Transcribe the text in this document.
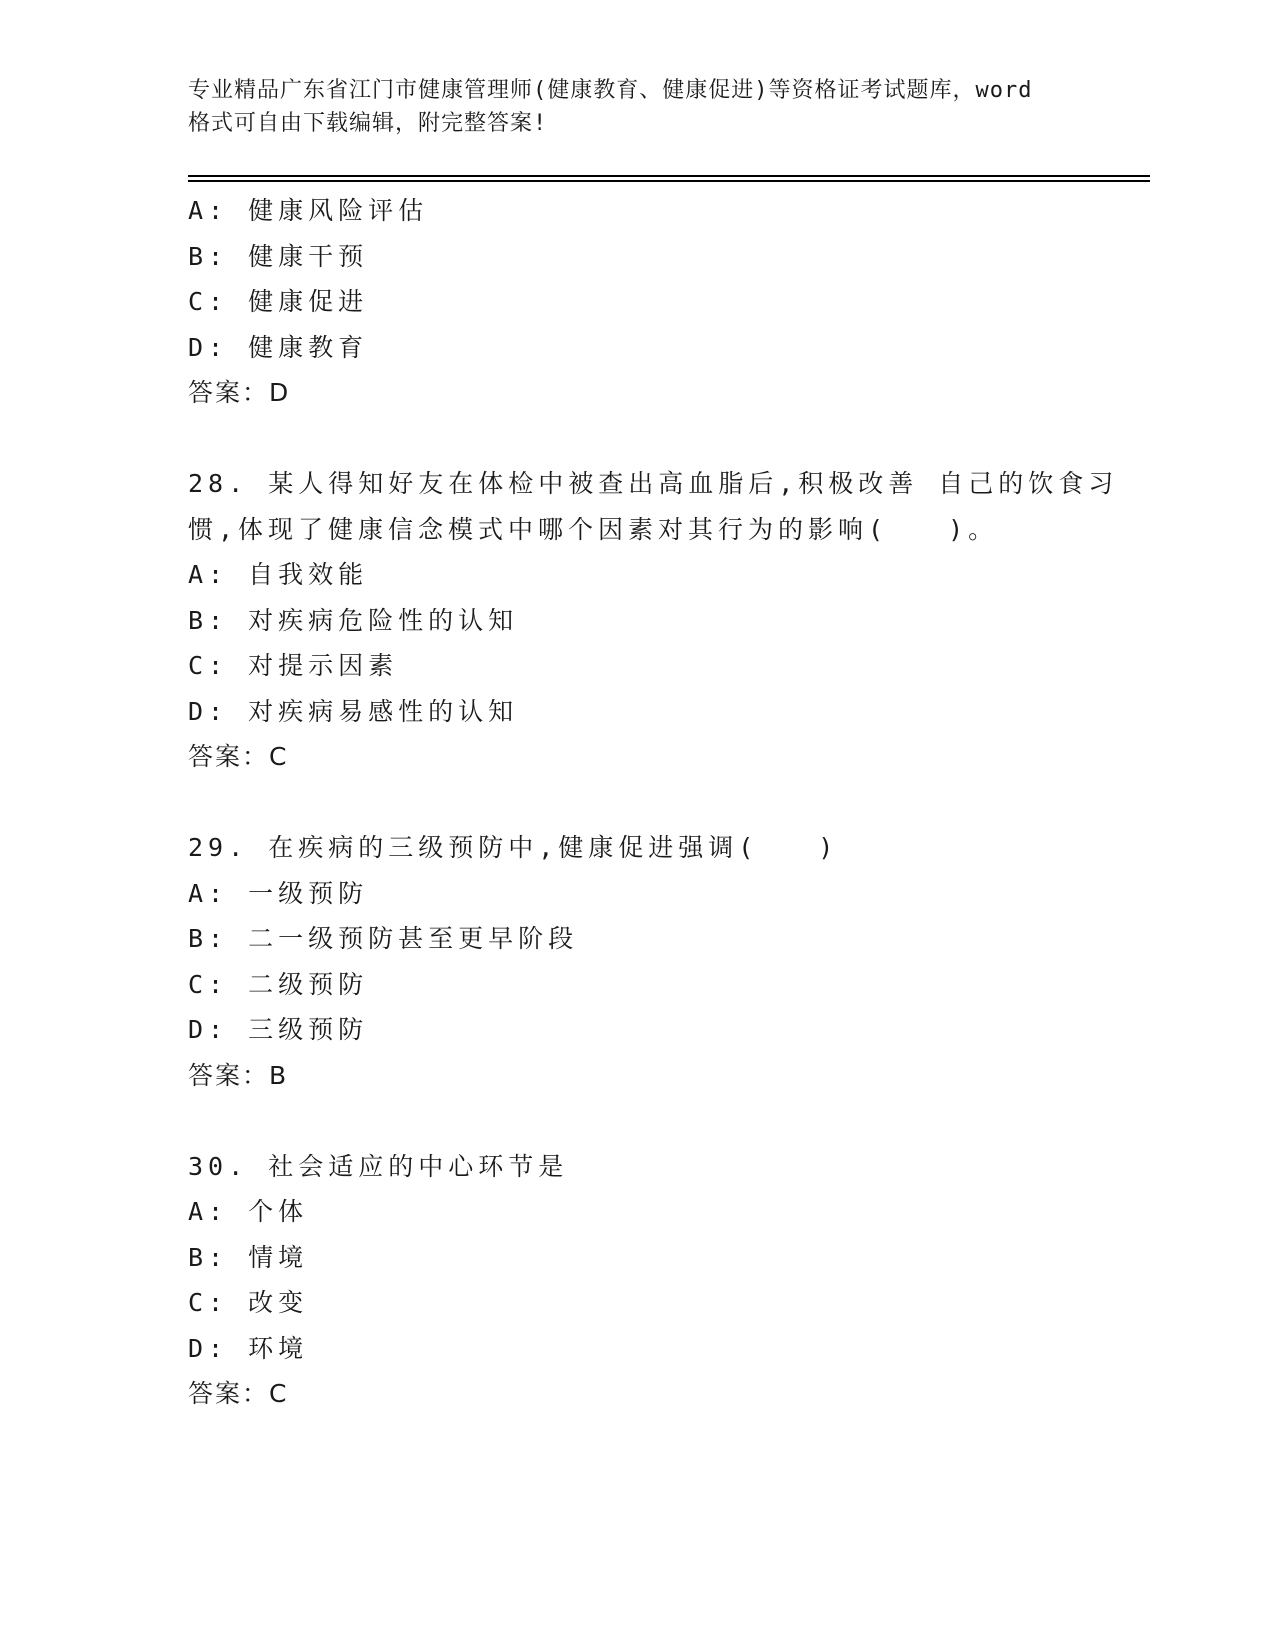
专业精品广东省江门市健康管理师(健康教育、健康促进)等资格证考试题库，word
格式可自由下载编辑，附完整答案!
A: 健康风险评估
B: 健康干预
C: 健康促进
D: 健康教育
答案：D
28. 某人得知好友在体检中被查出高血脂后,积极改善 自己的饮食习
惯,体现了健康信念模式中哪个因素对其行为的影响(　　)。
A: 自我效能
B: 对疾病危险性的认知
C: 对提示因素
D: 对疾病易感性的认知
答案：C
29. 在疾病的三级预防中,健康促进强调(　　)
A: 一级预防
B: 二一级预防甚至更早阶段
C: 二级预防
D: 三级预防
答案：B
30. 社会适应的中心环节是
A: 个体
B: 情境
C: 改变
D: 环境
答案：C
